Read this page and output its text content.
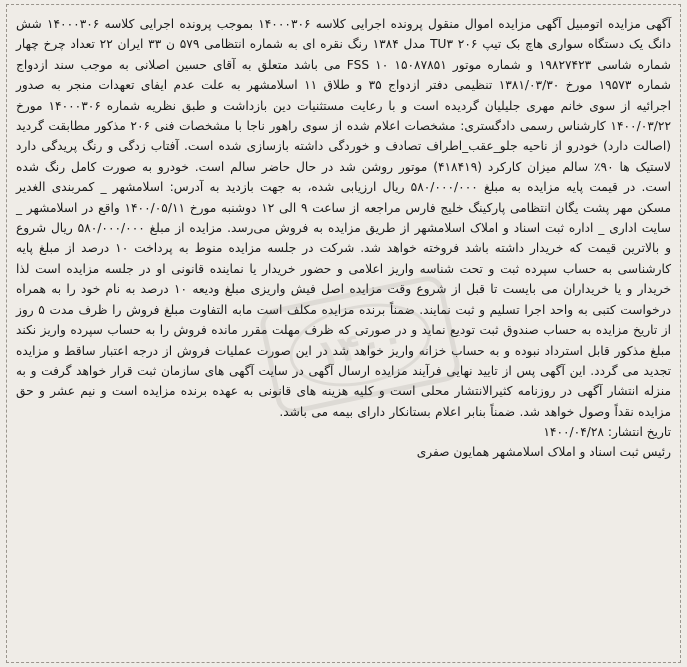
۱۴۰۰

آگهی مزایده اتومبیل آگهی مزایده اموال منقول پرونده اجرایی کلاسه ۱۴۰۰۰۳۰۶ بموجب پرونده اجرایی کلاسه ۱۴۰۰۰۳۰۶ شش دانگ یک دستگاه سواری هاچ بک تیپ TU۳ ۲۰۶ مدل ۱۳۸۴ رنگ نقره ای به شماره انتظامی ۵۷۹ ن ۳۳ ایران ۲۲ تعداد چرخ چهار شماره شاسی ۱۹۸۲۷۴۲۳ و شماره موتور FSS ۱۰ ۱۵۰۸۷۸۵۱ می باشد متعلق به آقای حسین اصلانی به موجب سند ازدواج شماره ۱۹۵۷۳ مورخ ۱۳۸۱/۰۳/۳۰ تنظیمی دفتر ازدواج ۳۵ و طلاق ۱۱ اسلامشهر به علت عدم ایفای تعهدات منجر به صدور اجرائیه از سوی خانم مهری جلیلیان گردیده است و با رعایت مستثنیات دین بازداشت و طبق نظریه شماره ۱۴۰۰۰۳۰۶ مورخ ۱۴۰۰/۰۳/۲۲ کارشناس رسمی دادگستری: مشخصات اعلام شده از سوی راهور ناجا با مشخصات فنی ۲۰۶ مذکور مطابقت گردید (اصالت دارد) خودرو از ناحیه جلو_عقب_اطراف تصادف و خوردگی داشته بازسازی شده است. آفتاب زدگی و رنگ پریدگی دارد لاستیک ها ۹۰٪ سالم میزان کارکرد (۴۱۸۴۱۹) موتور روشن شد در حال حاضر سالم است. خودرو به صورت کامل رنگ شده است. در قیمت پایه مزایده به مبلغ ۵۸۰/۰۰۰/۰۰۰ ریال ارزیابی شده، به جهت بازدید به آدرس: اسلامشهر _ کمربندی الغدیر مسکن مهر پشت یگان انتظامی پارکینگ خلیج فارس مراجعه از ساعت ۹ الی ۱۲ دوشنبه مورخ ۱۴۰۰/۰۵/۱۱ واقع در اسلامشهر _ سایت اداری _ اداره ثبت اسناد و املاک اسلامشهر از طریق مزایده به فروش می‌رسد. مزایده از مبلغ ۵۸۰/۰۰۰/۰۰۰ ریال شروع و بالاترین قیمت که خریدار داشته باشد فروخته خواهد شد. شرکت در جلسه مزایده منوط به پرداخت ۱۰ درصد از مبلغ پایه کارشناسی به حساب سپرده ثبت و تحت شناسه واریز اعلامی و حضور خریدار یا نماینده قانونی او در جلسه مزایده است لذا خریدار و یا خریداران می بایست تا قبل از شروع وقت مزایده اصل فیش واریزی مبلغ ودیعه ۱۰ درصد به نام خود را به همراه درخواست کتبی به واحد اجرا تسلیم و ثبت نمایند. ضمناً برنده مزایده مکلف است مابه التفاوت مبلغ فروش را ظرف مدت ۵ روز از تاریخ مزایده به حساب صندوق ثبت تودیع نماید و در صورتی که ظرف مهلت مقرر مانده فروش را به حساب سپرده واریز نکند مبلغ مذکور قابل استرداد نبوده و به حساب خزانه واریز خواهد شد در این صورت عملیات فروش از درجه اعتبار ساقط و مزایده تجدید می گردد. این آگهی پس از تایید نهایی فرآیند مزایده ارسال آگهی در سایت آگهی های سازمان ثبت قرار خواهد گرفت و به منزله انتشار آگهی در روزنامه کثیرالانتشار محلی است و کلیه هزینه های قانونی به عهده برنده مزایده است و نیم عشر و حق مزایده نقداً وصول خواهد شد. ضمناً بنابر اعلام بستانکار دارای بیمه می باشد.

تاریخ انتشار: ۱۴۰۰/۰۴/۲۸
رئیس ثبت اسناد و املاک اسلامشهر همایون صفری
